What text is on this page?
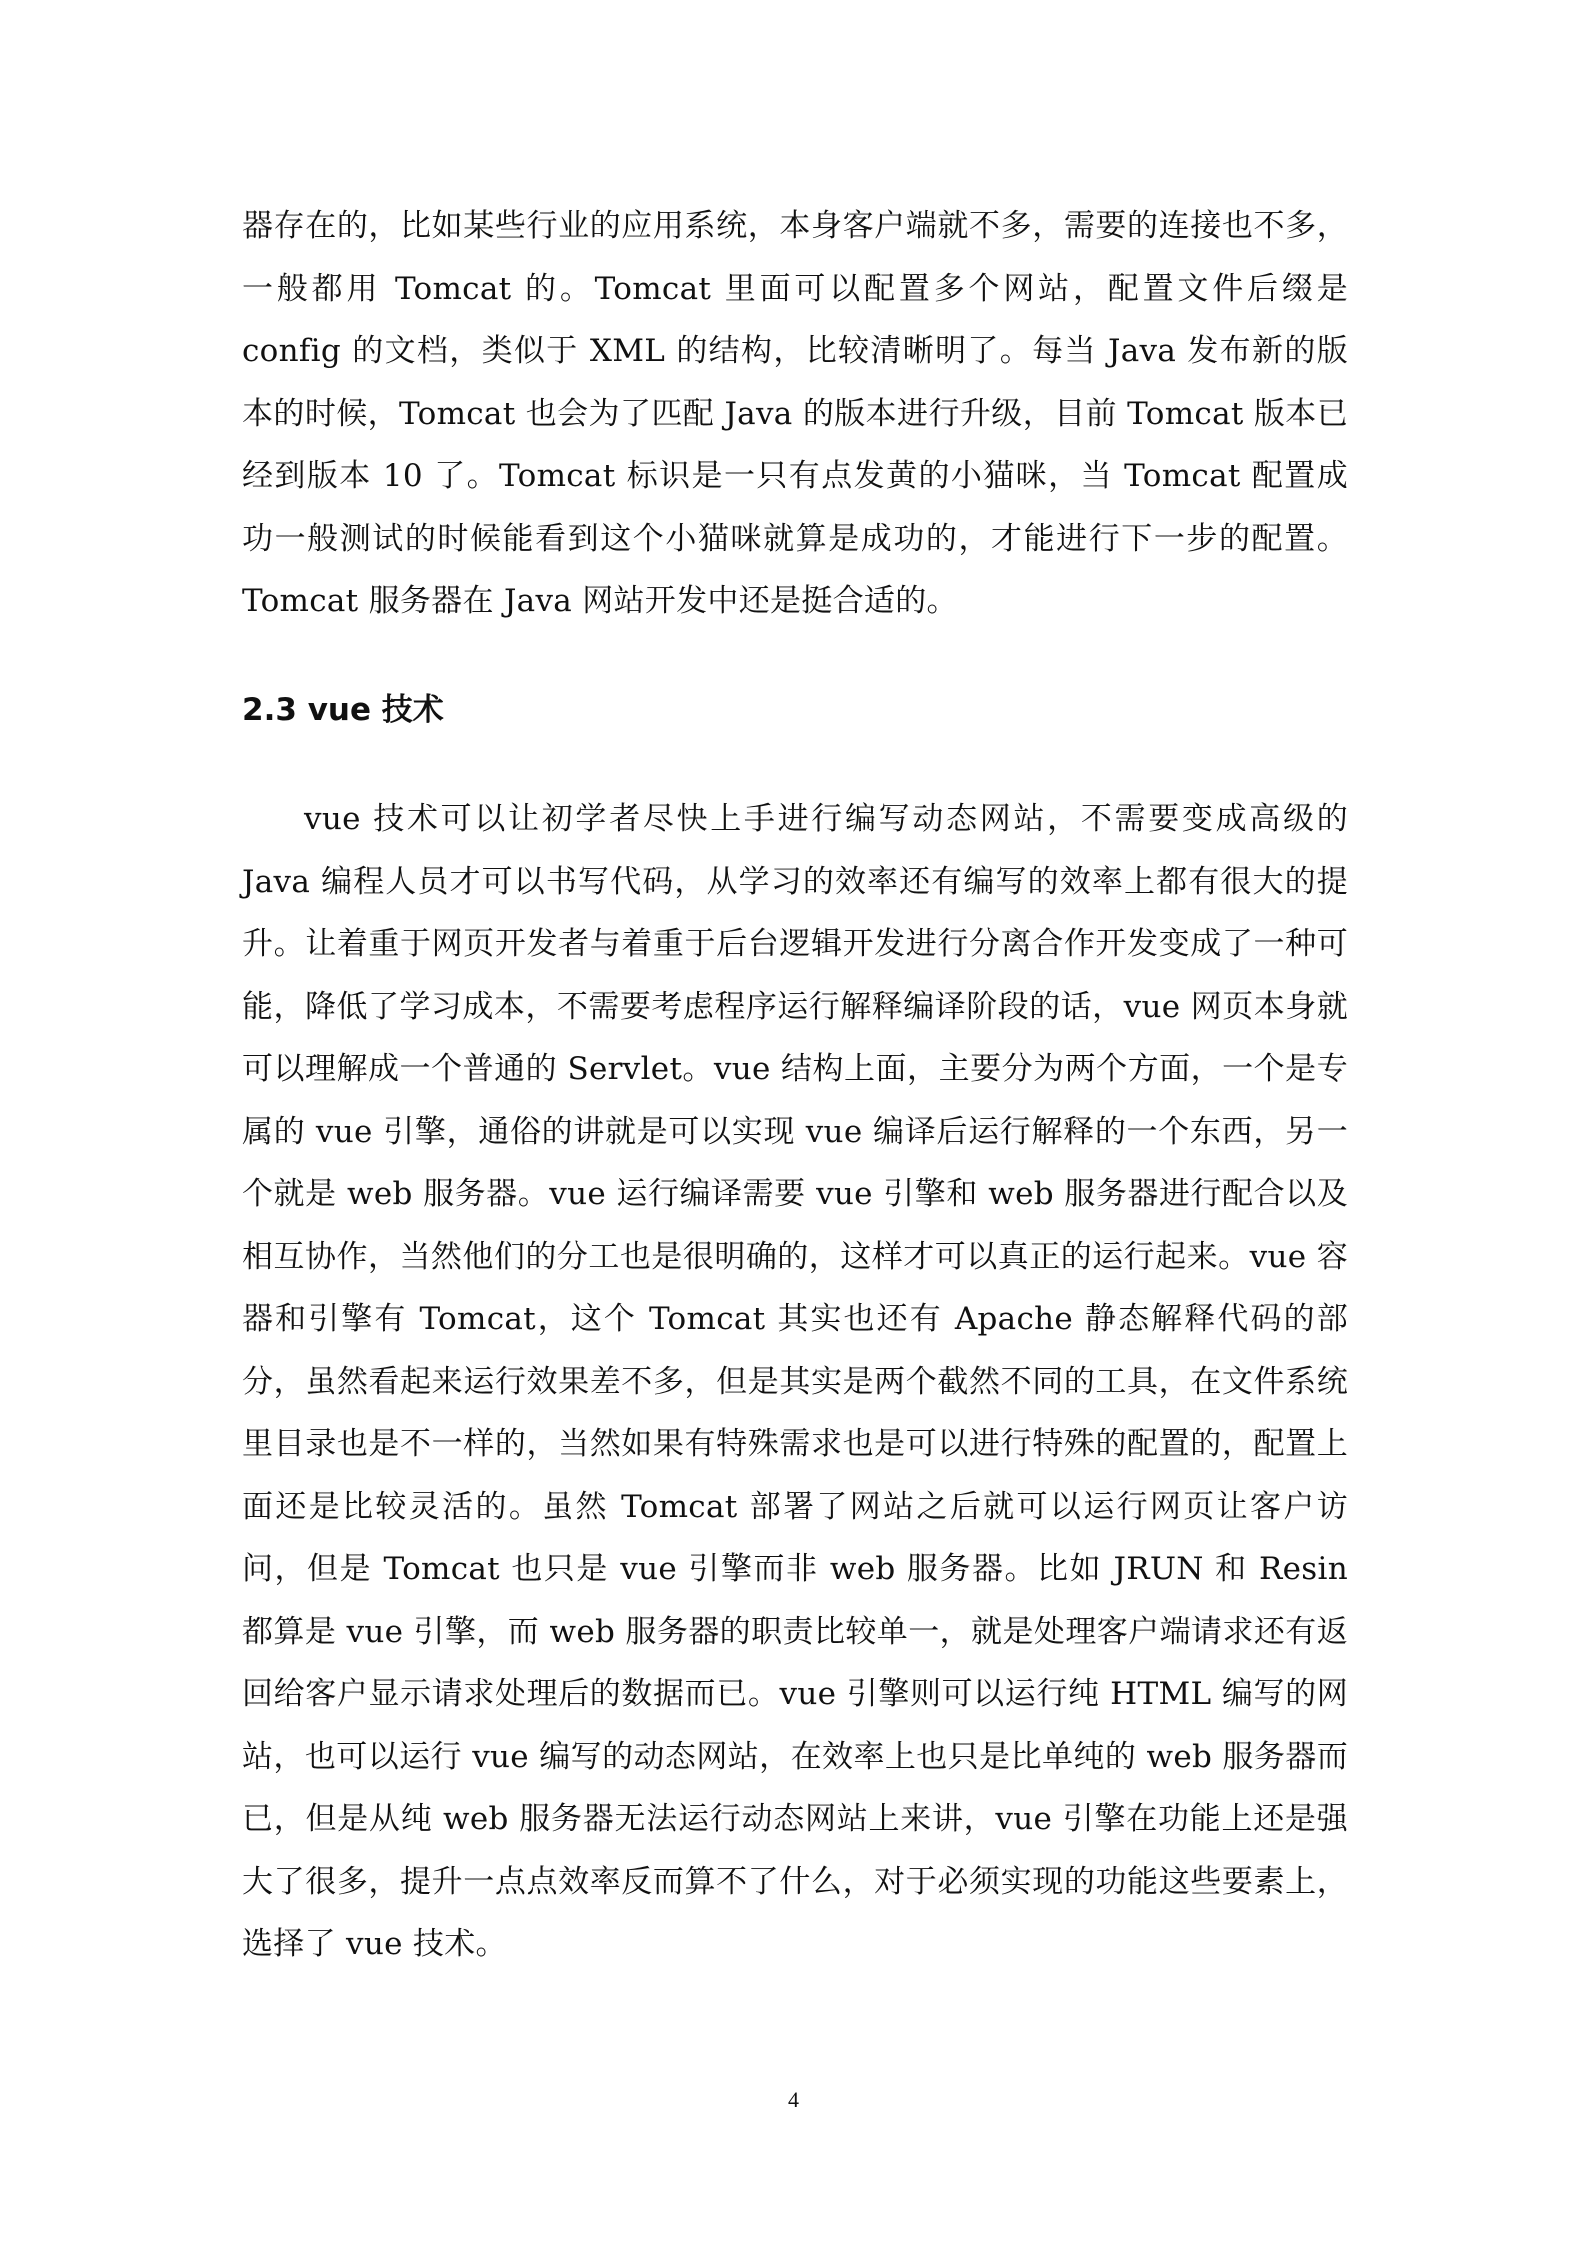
器存在的，比如某些行业的应用系统，本身客户端就不多，需要的连接也不多，一般都用 Tomcat 的。Tomcat 里面可以配置多个网站，配置文件后缀是 config 的文档，类似于 XML 的结构，比较清晰明了。每当 Java 发布新的版本的时候，Tomcat 也会为了匹配 Java 的版本进行升级，目前 Tomcat 版本已经到版本 10 了。Tomcat 标识是一只有点发黄的小猫咪，当 Tomcat 配置成功一般测试的时候能看到这个小猫咪就算是成功的，才能进行下一步的配置。Tomcat 服务器在 Java 网站开发中还是挺合适的。

2.3 vue 技术

vue 技术可以让初学者尽快上手进行编写动态网站，不需要变成高级的 Java 编程人员才可以书写代码，从学习的效率还有编写的效率上都有很大的提升。让着重于网页开发者与着重于后台逻辑开发进行分离合作开发变成了一种可能，降低了学习成本，不需要考虑程序运行解释编译阶段的话，vue 网页本身就可以理解成一个普通的 Servlet。vue 结构上面，主要分为两个方面，一个是专属的 vue 引擎，通俗的讲就是可以实现 vue 编译后运行解释的一个东西，另一个就是 web 服务器。vue 运行编译需要 vue 引擎和 web 服务器进行配合以及相互协作，当然他们的分工也是很明确的，这样才可以真正的运行起来。vue 容器和引擎有 Tomcat，这个 Tomcat 其实也还有 Apache 静态解释代码的部分，虽然看起来运行效果差不多，但是其实是两个截然不同的工具，在文件系统里目录也是不一样的，当然如果有特殊需求也是可以进行特殊的配置的，配置上面还是比较灵活的。虽然 Tomcat 部署了网站之后就可以运行网页让客户访问，但是 Tomcat 也只是 vue 引擎而非 web 服务器。比如 JRUN 和 Resin 都算是 vue 引擎，而 web 服务器的职责比较单一，就是处理客户端请求还有返回给客户显示请求处理后的数据而已。vue 引擎则可以运行纯 HTML 编写的网站，也可以运行 vue 编写的动态网站，在效率上也只是比单纯的 web 服务器而已，但是从纯 web 服务器无法运行动态网站上来讲，vue 引擎在功能上还是强大了很多，提升一点点效率反而算不了什么，对于必须实现的功能这些要素上，选择了 vue 技术。

4
